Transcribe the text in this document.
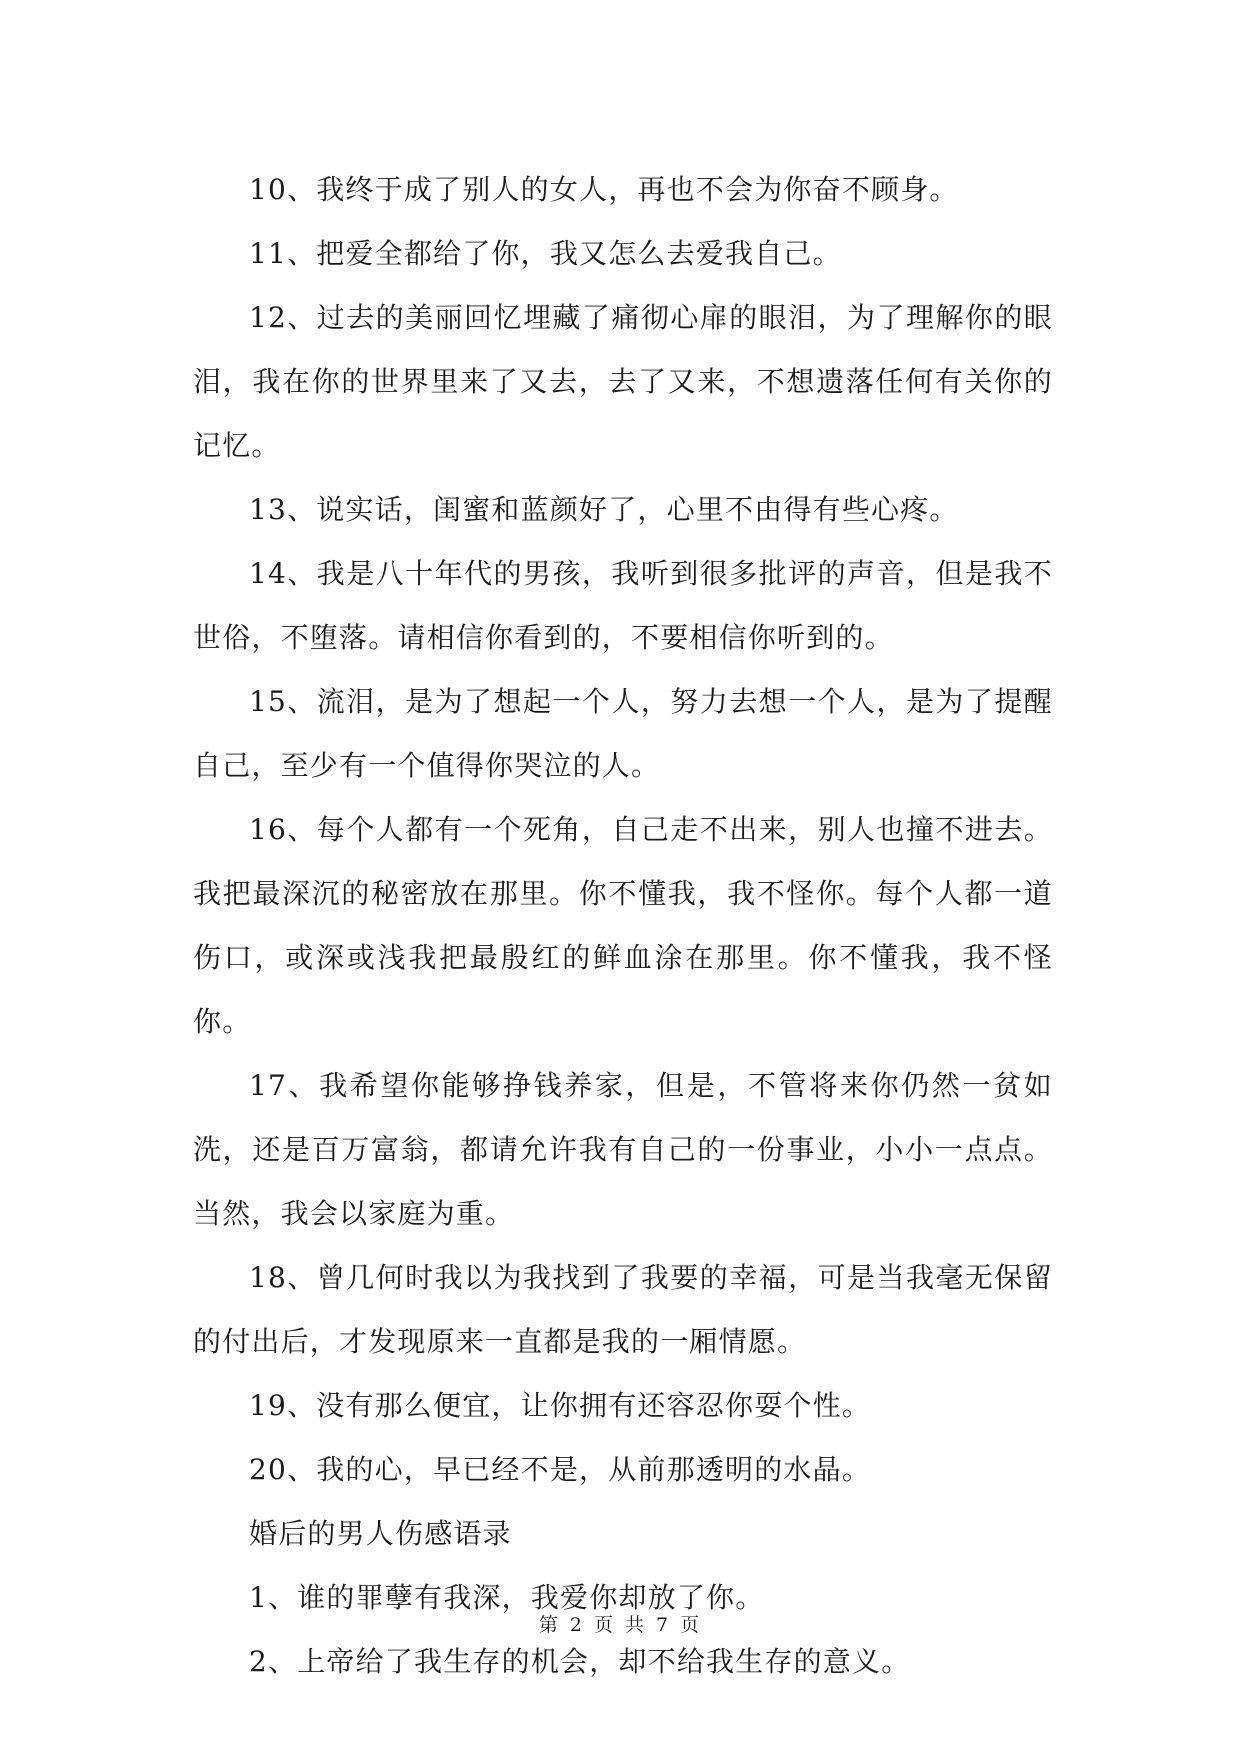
10、我终于成了别人的女人，再也不会为你奋不顾身。

11、把爱全都给了你，我又怎么去爱我自己。

12、过去的美丽回忆埋藏了痛彻心扉的眼泪，为了理解你的眼泪，我在你的世界里来了又去，去了又来，不想遗落任何有关你的记忆。

13、说实话，闺蜜和蓝颜好了，心里不由得有些心疼。

14、我是八十年代的男孩，我听到很多批评的声音，但是我不世俗，不堕落。请相信你看到的，不要相信你听到的。

15、流泪，是为了想起一个人，努力去想一个人，是为了提醒自己，至少有一个值得你哭泣的人。

16、每个人都有一个死角，自己走不出来，别人也撞不进去。我把最深沉的秘密放在那里。你不懂我，我不怪你。每个人都一道伤口，或深或浅我把最殷红的鲜血涂在那里。你不懂我，我不怪你。

17、我希望你能够挣钱养家，但是，不管将来你仍然一贫如洗，还是百万富翁，都请允许我有自己的一份事业，小小一点点。当然，我会以家庭为重。

18、曾几何时我以为我找到了我要的幸福，可是当我毫无保留的付出后，才发现原来一直都是我的一厢情愿。

19、没有那么便宜，让你拥有还容忍你耍个性。

20、我的心，早已经不是，从前那透明的水晶。

婚后的男人伤感语录

1、谁的罪孽有我深，我爱你却放了你。

2、上帝给了我生存的机会，却不给我生存的意义。

第 2 页 共 7 页
